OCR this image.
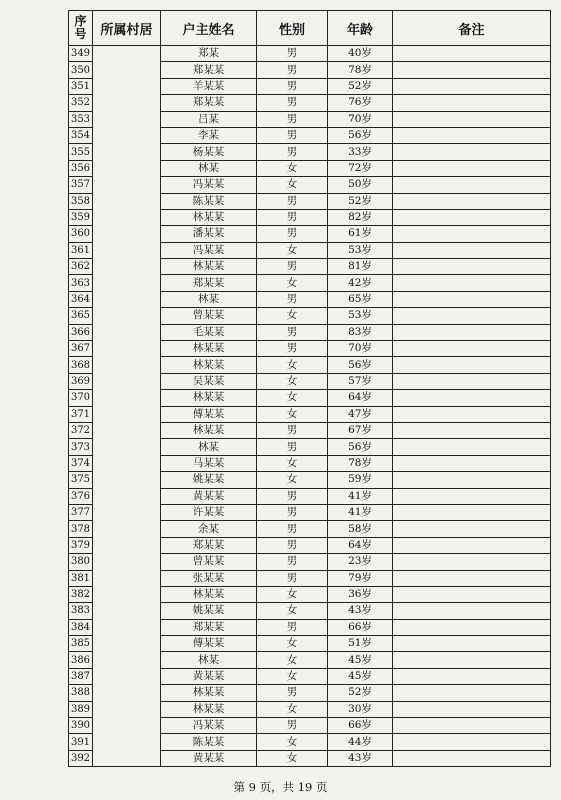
序号	所属村居	户主姓名	性别	年龄	备注
349		郑某	男	40岁	
350		郑某某	男	78岁	
351		羊某某	男	52岁	
352		郑某某	男	76岁	
353		吕某	男	70岁	
354		李某	男	56岁	
355		杨某某	男	33岁	
356		林某	女	72岁	
357		冯某某	女	50岁	
358		陈某某	男	52岁	
359		林某某	男	82岁	
360		潘某某	男	61岁	
361		冯某某	女	53岁	
362		林某某	男	81岁	
363		郑某某	女	42岁	
364		林某	男	65岁	
365		曾某某	女	53岁	
366		毛某某	男	83岁	
367		林某某	男	70岁	
368		林某某	女	56岁	
369		吴某某	女	57岁	
370		林某某	女	64岁	
371		傅某某	女	47岁	
372		林某某	男	67岁	
373		林某	男	56岁	
374		马某某	女	78岁	
375		姚某某	女	59岁	
376		黄某某	男	41岁	
377		许某某	男	41岁	
378		余某	男	58岁	
379		郑某某	男	64岁	
380		曾某某	男	23岁	
381		张某某	男	79岁	
382		林某某	女	36岁	
383		姚某某	女	43岁	
384		郑某某	男	66岁	
385		傅某某	女	51岁	
386		林某	女	45岁	
387		黄某某	女	45岁	
388		林某某	男	52岁	
389		林某某	女	30岁	
390		冯某某	男	66岁	
391		陈某某	女	44岁	
392		黄某某	女	43岁	
第 9 页，共 19 页
